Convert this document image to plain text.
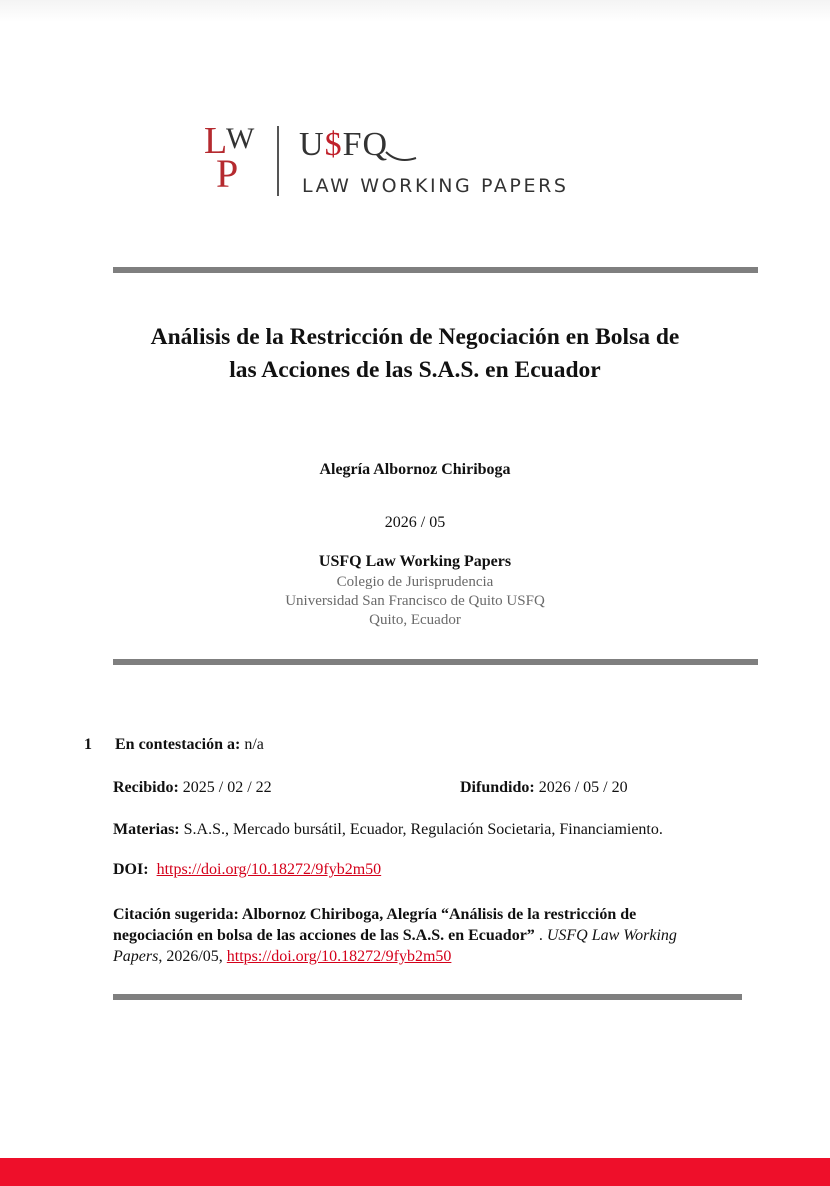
L
W
P
U$FQ
LAW WORKING PAPERS
Análisis de la Restricción de Negociación en Bolsa de
las Acciones de las S.A.S. en Ecuador
Alegría Albornoz Chiriboga
2026 / 05
USFQ Law Working Papers
Colegio de Jurisprudencia
Universidad San Francisco de Quito USFQ
Quito, Ecuador
1 En contestación a: n/a
Recibido: 2025 / 02 / 22	Difundido: 2026 / 05 / 20
Materias: S.A.S., Mercado bursátil, Ecuador, Regulación Societaria, Financiamiento.
DOI: https://doi.org/10.18272/9fyb2m50
Citación sugerida: Albornoz Chiriboga, Alegría “Análisis de la restricción de negociación en bolsa de las acciones de las S.A.S. en Ecuador” . USFQ Law Working Papers, 2026/05, https://doi.org/10.18272/9fyb2m50
